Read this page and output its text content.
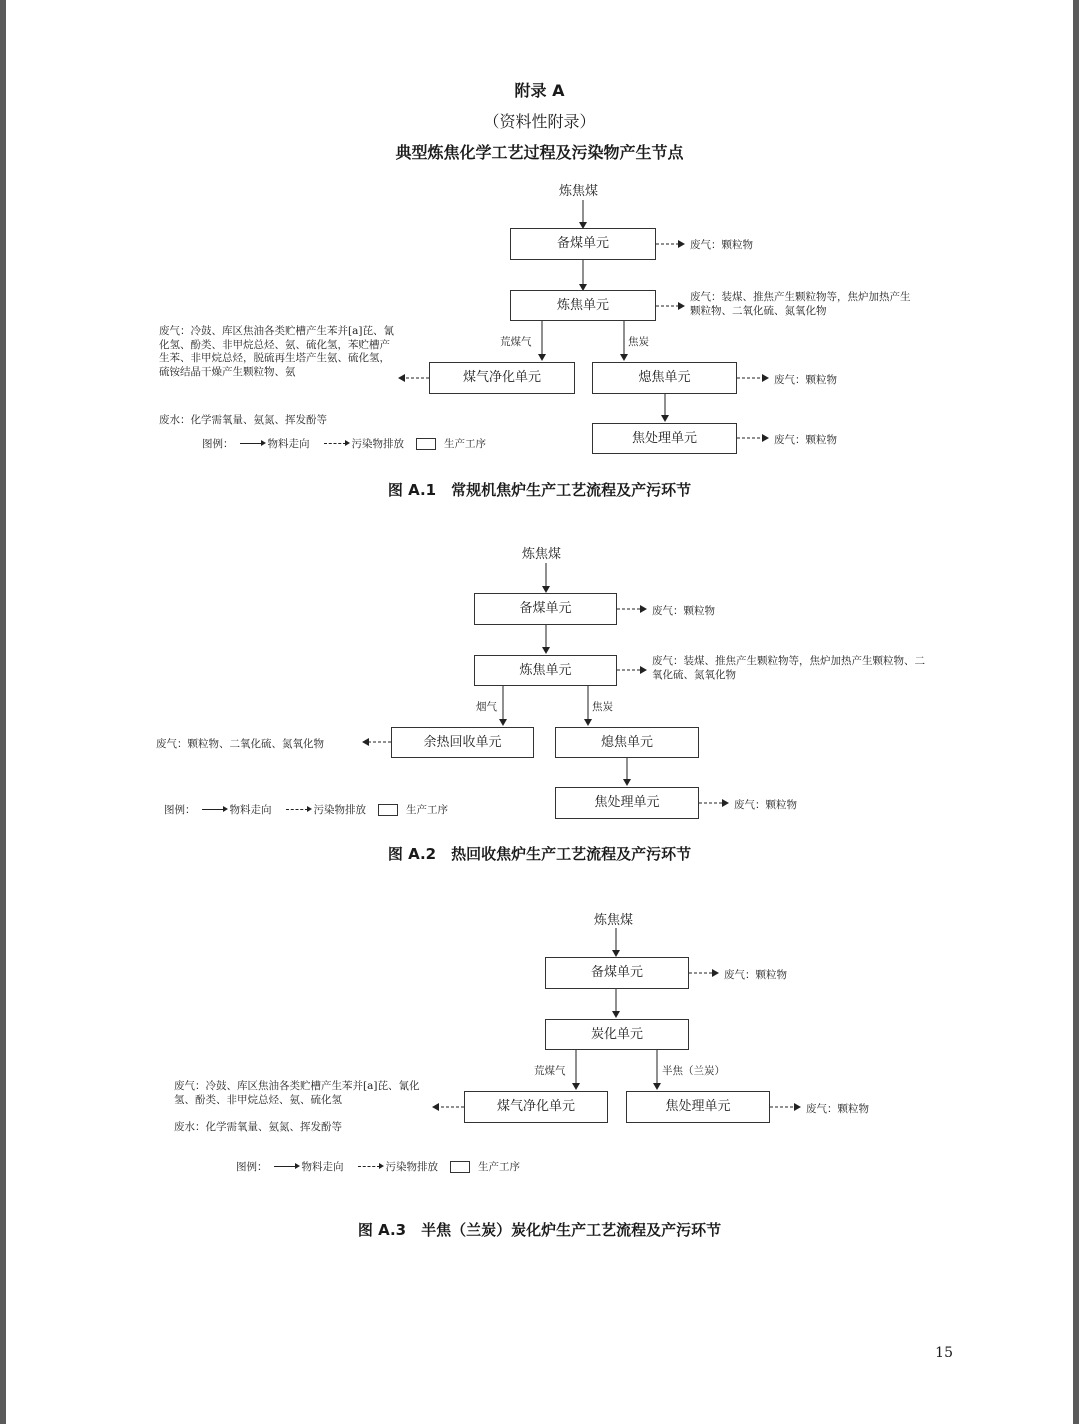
附录 A
（资料性附录）
典型炼焦化学工艺过程及污染物产生节点
炼焦煤
备煤单元
炼焦单元
煤气净化单元	熄焦单元
焦处理单元
荒煤气	焦炭
废气：颗粒物
废气：装煤、推焦产生颗粒物等，焦炉加热产生颗粒物、二氧化硫、氮氧化物
废气：冷鼓、库区焦油各类贮槽产生苯并[a]芘、氰化氢、酚类、非甲烷总烃、氨、硫化氢，苯贮槽产生苯、非甲烷总烃，脱硫再生塔产生氨、硫化氢，硫铵结晶干燥产生颗粒物、氨
废水：化学需氧量、氨氮、挥发酚等
废气：颗粒物
废气：颗粒物
图例：	物料走向	污染物排放	生产工序
图 A.1　常规机焦炉生产工艺流程及产污环节
炼焦煤
备煤单元
炼焦单元
余热回收单元	熄焦单元
焦处理单元
烟气	焦炭
废气：颗粒物
废气：装煤、推焦产生颗粒物等，焦炉加热产生颗粒物、二氧化硫、氮氧化物
废气：颗粒物、二氧化硫、氮氧化物
废气：颗粒物
图例：	物料走向	污染物排放	生产工序
图 A.2　热回收焦炉生产工艺流程及产污环节
炼焦煤
备煤单元
炭化单元
煤气净化单元	焦处理单元
荒煤气	半焦（兰炭）
废气：颗粒物
废气：冷鼓、库区焦油各类贮槽产生苯并[a]芘、氰化氢、酚类、非甲烷总烃、氨、硫化氢
废水：化学需氧量、氨氮、挥发酚等
废气：颗粒物
图例：	物料走向	污染物排放	生产工序
图 A.3　半焦（兰炭）炭化炉生产工艺流程及产污环节
15
